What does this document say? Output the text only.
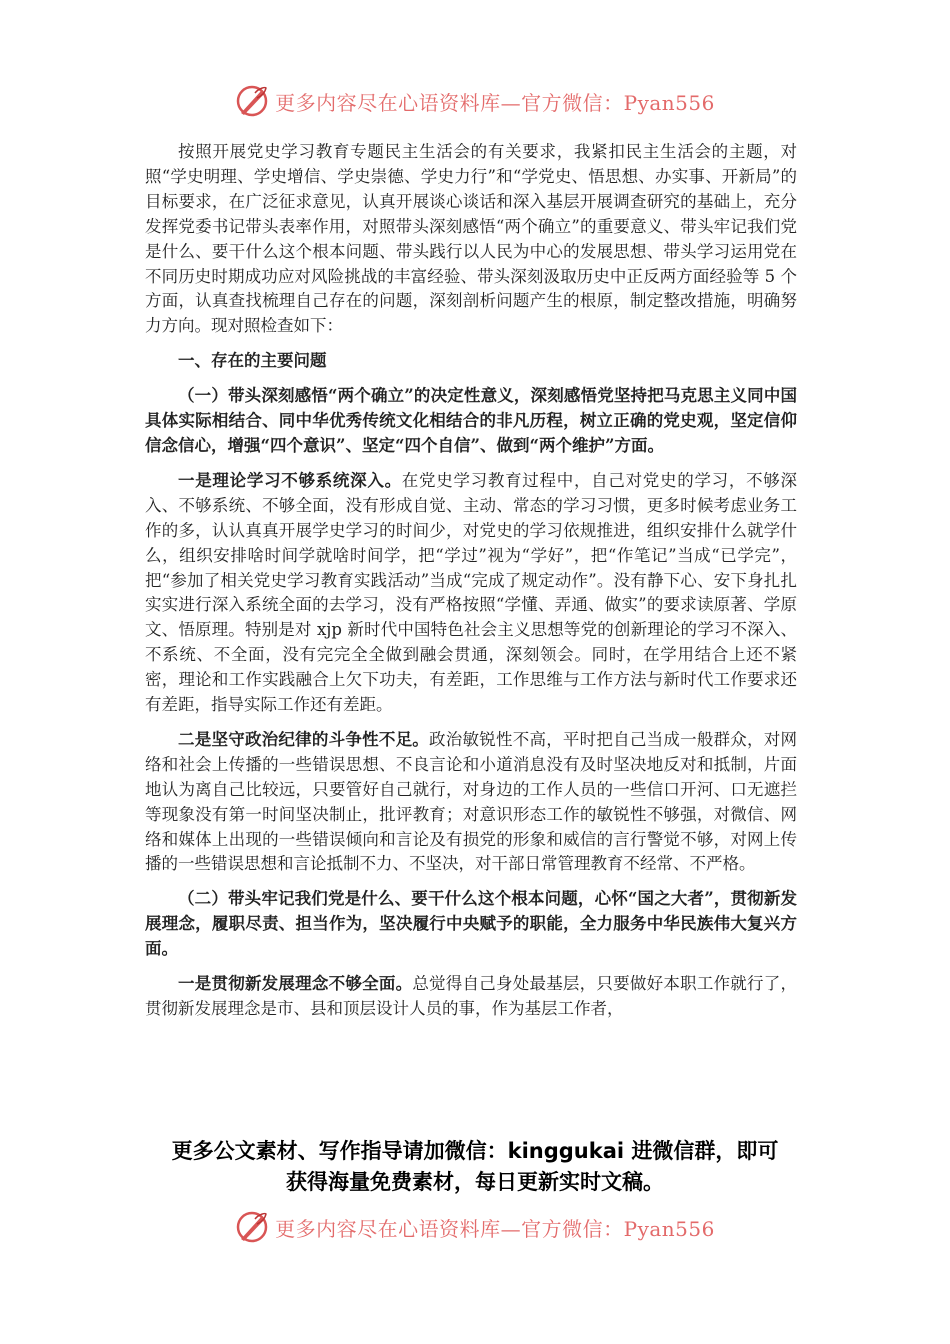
更多内容尽在心语资料库—官方微信：Pyan556

按照开展党史学习教育专题民主生活会的有关要求，我紧扣民主生活会的主题，对照“学史明理、学史增信、学史崇德、学史力行”和“学党史、悟思想、办实事、开新局”的目标要求，在广泛征求意见，认真开展谈心谈话和深入基层开展调查研究的基础上，充分发挥党委书记带头表率作用，对照带头深刻感悟“两个确立”的重要意义、带头牢记我们党是什么、要干什么这个根本问题、带头践行以人民为中心的发展思想、带头学习运用党在不同历史时期成功应对风险挑战的丰富经验、带头深刻汲取历史中正反两方面经验等 5 个方面，认真查找梳理自己存在的问题，深刻剖析问题产生的根原，制定整改措施，明确努力方向。现对照检查如下：

一、存在的主要问题

（一）带头深刻感悟“两个确立”的决定性意义，深刻感悟党坚持把马克思主义同中国具体实际相结合、同中华优秀传统文化相结合的非凡历程，树立正确的党史观，坚定信仰信念信心，增强“四个意识”、坚定“四个自信”、做到“两个维护”方面。

一是理论学习不够系统深入。在党史学习教育过程中，自己对党史的学习，不够深入、不够系统、不够全面，没有形成自觉、主动、常态的学习习惯，更多时候考虑业务工作的多，认认真真开展学史学习的时间少，对党史的学习依规推进，组织安排什么就学什么，组织安排啥时间学就啥时间学，把“学过”视为“学好”，把“作笔记”当成“已学完”，把“参加了相关党史学习教育实践活动”当成“完成了规定动作”。没有静下心、安下身扎扎实实进行深入系统全面的去学习，没有严格按照“学懂、弄通、做实”的要求读原著、学原文、悟原理。特别是对 xjp 新时代中国特色社会主义思想等党的创新理论的学习不深入、不系统、不全面，没有完完全全做到融会贯通，深刻领会。同时，在学用结合上还不紧密，理论和工作实践融合上欠下功夫，有差距，工作思维与工作方法与新时代工作要求还有差距，指导实际工作还有差距。

二是坚守政治纪律的斗争性不足。政治敏锐性不高，平时把自己当成一般群众，对网络和社会上传播的一些错误思想、不良言论和小道消息没有及时坚决地反对和抵制，片面地认为离自己比较远，只要管好自己就行，对身边的工作人员的一些信口开河、口无遮拦等现象没有第一时间坚决制止，批评教育；对意识形态工作的敏锐性不够强，对微信、网络和媒体上出现的一些错误倾向和言论及有损党的形象和威信的言行警觉不够，对网上传播的一些错误思想和言论抵制不力、不坚决，对干部日常管理教育不经常、不严格。

（二）带头牢记我们党是什么、要干什么这个根本问题，心怀“国之大者”，贯彻新发展理念，履职尽责、担当作为，坚决履行中央赋予的职能，全力服务中华民族伟大复兴方面。

一是贯彻新发展理念不够全面。总觉得自己身处最基层，只要做好本职工作就行了，贯彻新发展理念是市、县和顶层设计人员的事，作为基层工作者，

更多公文素材、写作指导请加微信：kinggukai 进微信群，即可
获得海量免费素材，每日更新实时文稿。
更多内容尽在心语资料库—官方微信：Pyan556
